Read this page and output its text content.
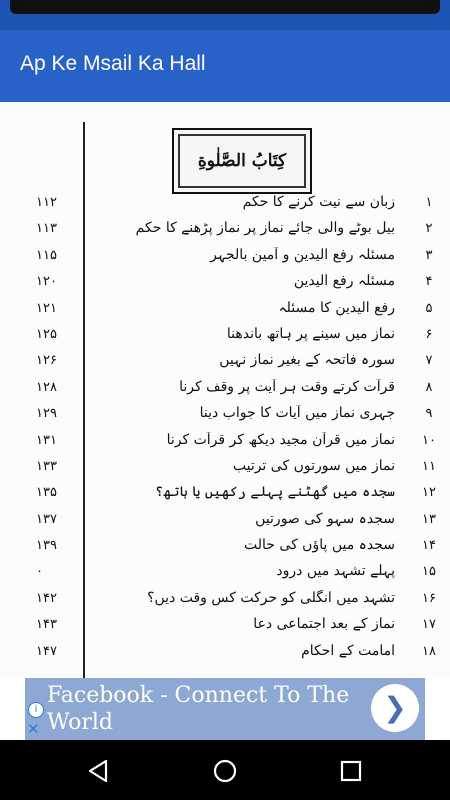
Ap Ke Msail Ka Hall
كِتَابُ الصَّلٰوةِ
۱۱۲	زبان سے نیت کرنے کا حکم	۱
۱۱۳	بیل بوٹے والی جائے نماز پر نماز پڑھنے کا حکم	۲
۱۱۵	مسئلہ رفع الیدین و آمین بالجہر	۳
۱۲۰	مسئلہ رفع الیدین	۴
۱۲۱	رفع الیدین کا مسئلہ	۵
۱۲۵	نماز میں سینے پر ہاتھ باندھنا	۶
۱۲۶	سورہ فاتحہ کے بغیر نماز نہیں	۷
۱۲۸	قرآت کرتے وقت ہر آیت پر وقف کرنا	۸
۱۲۹	جہری نماز میں آیات کا جواب دینا	۹
۱۳۱	نماز میں قرآن مجید دیکھ کر قرآت کرنا	۱۰
۱۳۳	نماز میں سورتوں کی ترتیب	۱۱
۱۳۵	سجدہ میں گھٹنے پہلے رکھیں یا ہاتھ؟	۱۲
۱۳۷	سجدہ سہو کی صورتیں	۱۳
۱۳۹	سجدہ میں پاؤں کی حالت	۱۴
۰	پہلے تشہد میں درود	۱۵
۱۴۲	تشہد میں انگلی کو حرکت کس وقت دیں؟	۱۶
۱۴۳	نماز کے بعد اجتماعی دعا	۱۷
۱۴۷	امامت کے احکام	۱۸
i
✕
Facebook - Connect To The World	❯
